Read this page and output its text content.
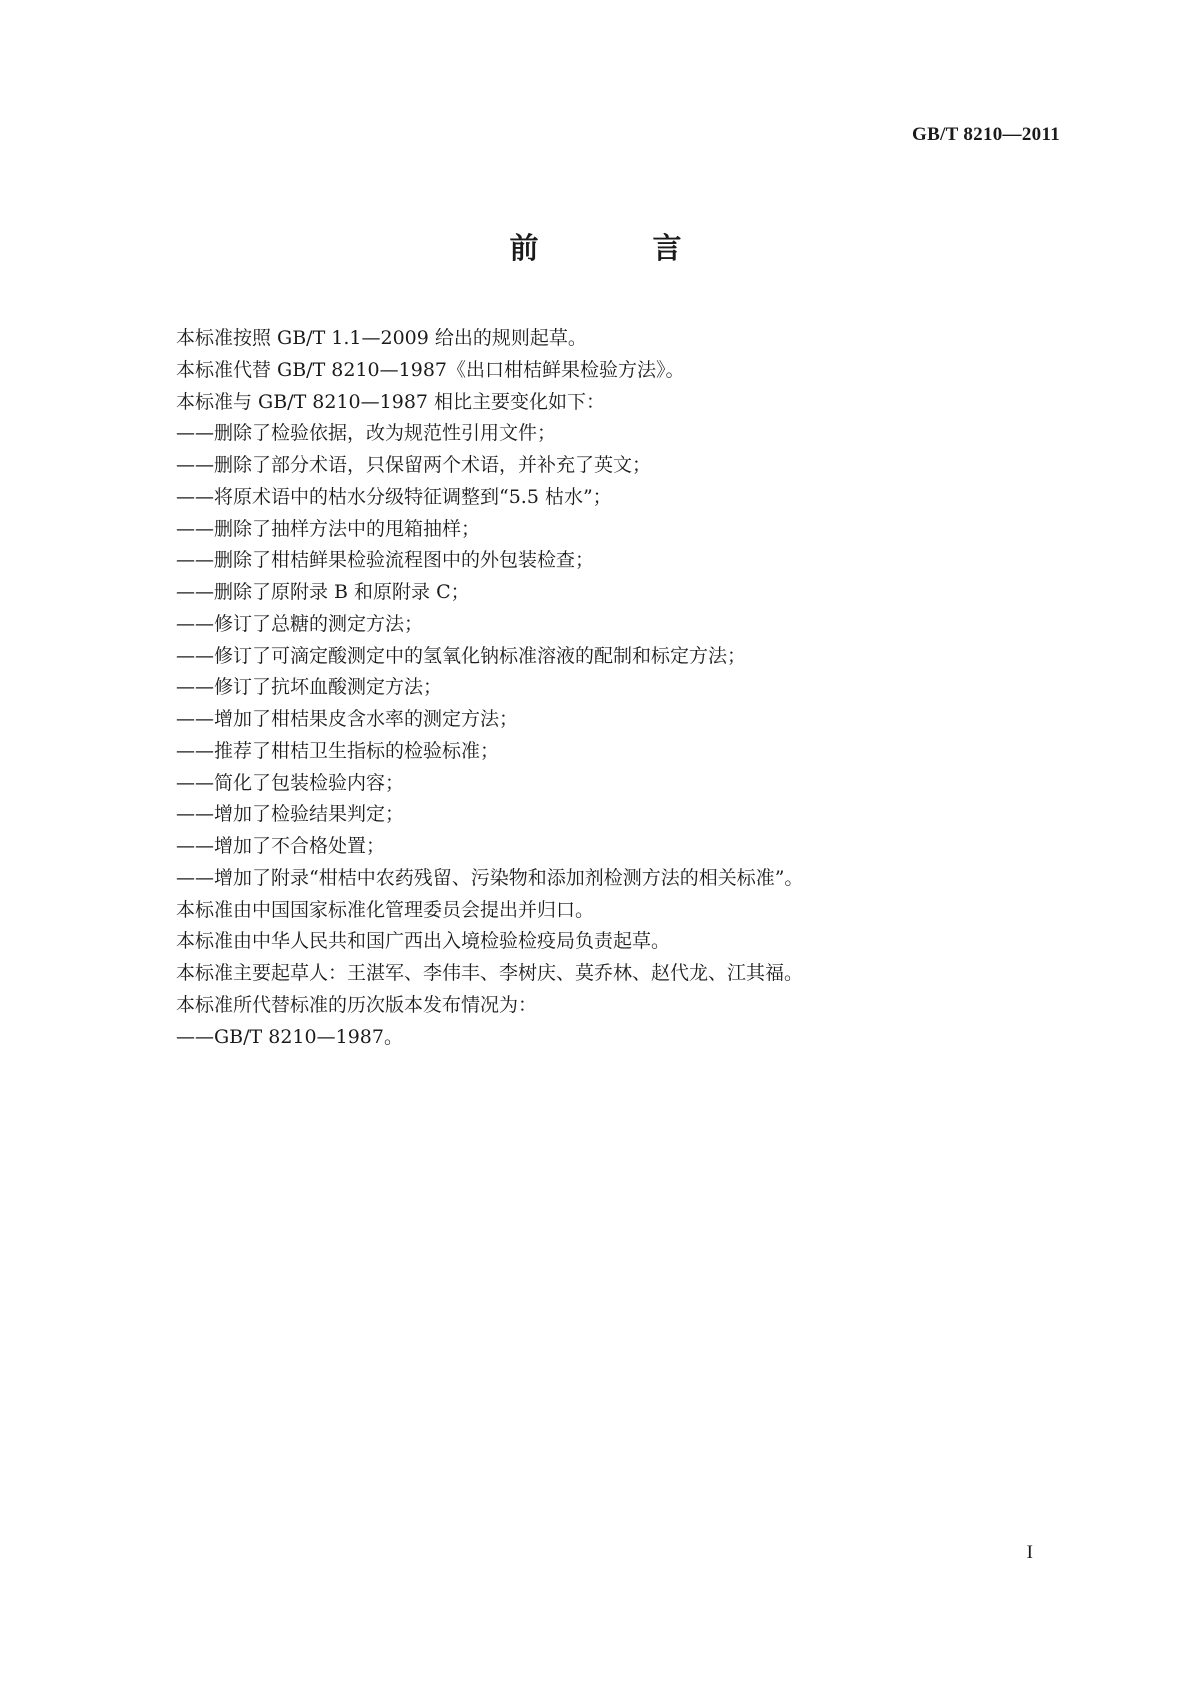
GB/T 8210—2011
前 言
本标准按照 GB/T 1.1—2009 给出的规则起草。
本标准代替 GB/T 8210—1987《出口柑桔鲜果检验方法》。
本标准与 GB/T 8210—1987 相比主要变化如下：
——删除了检验依据，改为规范性引用文件；
——删除了部分术语，只保留两个术语，并补充了英文；
——将原术语中的枯水分级特征调整到“5.5 枯水”；
——删除了抽样方法中的甩箱抽样；
——删除了柑桔鲜果检验流程图中的外包装检查；
——删除了原附录 B 和原附录 C；
——修订了总糖的测定方法；
——修订了可滴定酸测定中的氢氧化钠标准溶液的配制和标定方法；
——修订了抗坏血酸测定方法；
——增加了柑桔果皮含水率的测定方法；
——推荐了柑桔卫生指标的检验标准；
——简化了包装检验内容；
——增加了检验结果判定；
——增加了不合格处置；
——增加了附录“柑桔中农药残留、污染物和添加剂检测方法的相关标准”。
本标准由中国国家标准化管理委员会提出并归口。
本标准由中华人民共和国广西出入境检验检疫局负责起草。
本标准主要起草人：王湛军、李伟丰、李树庆、莫乔林、赵代龙、江其福。
本标准所代替标准的历次版本发布情况为：
——GB/T 8210—1987。
I
